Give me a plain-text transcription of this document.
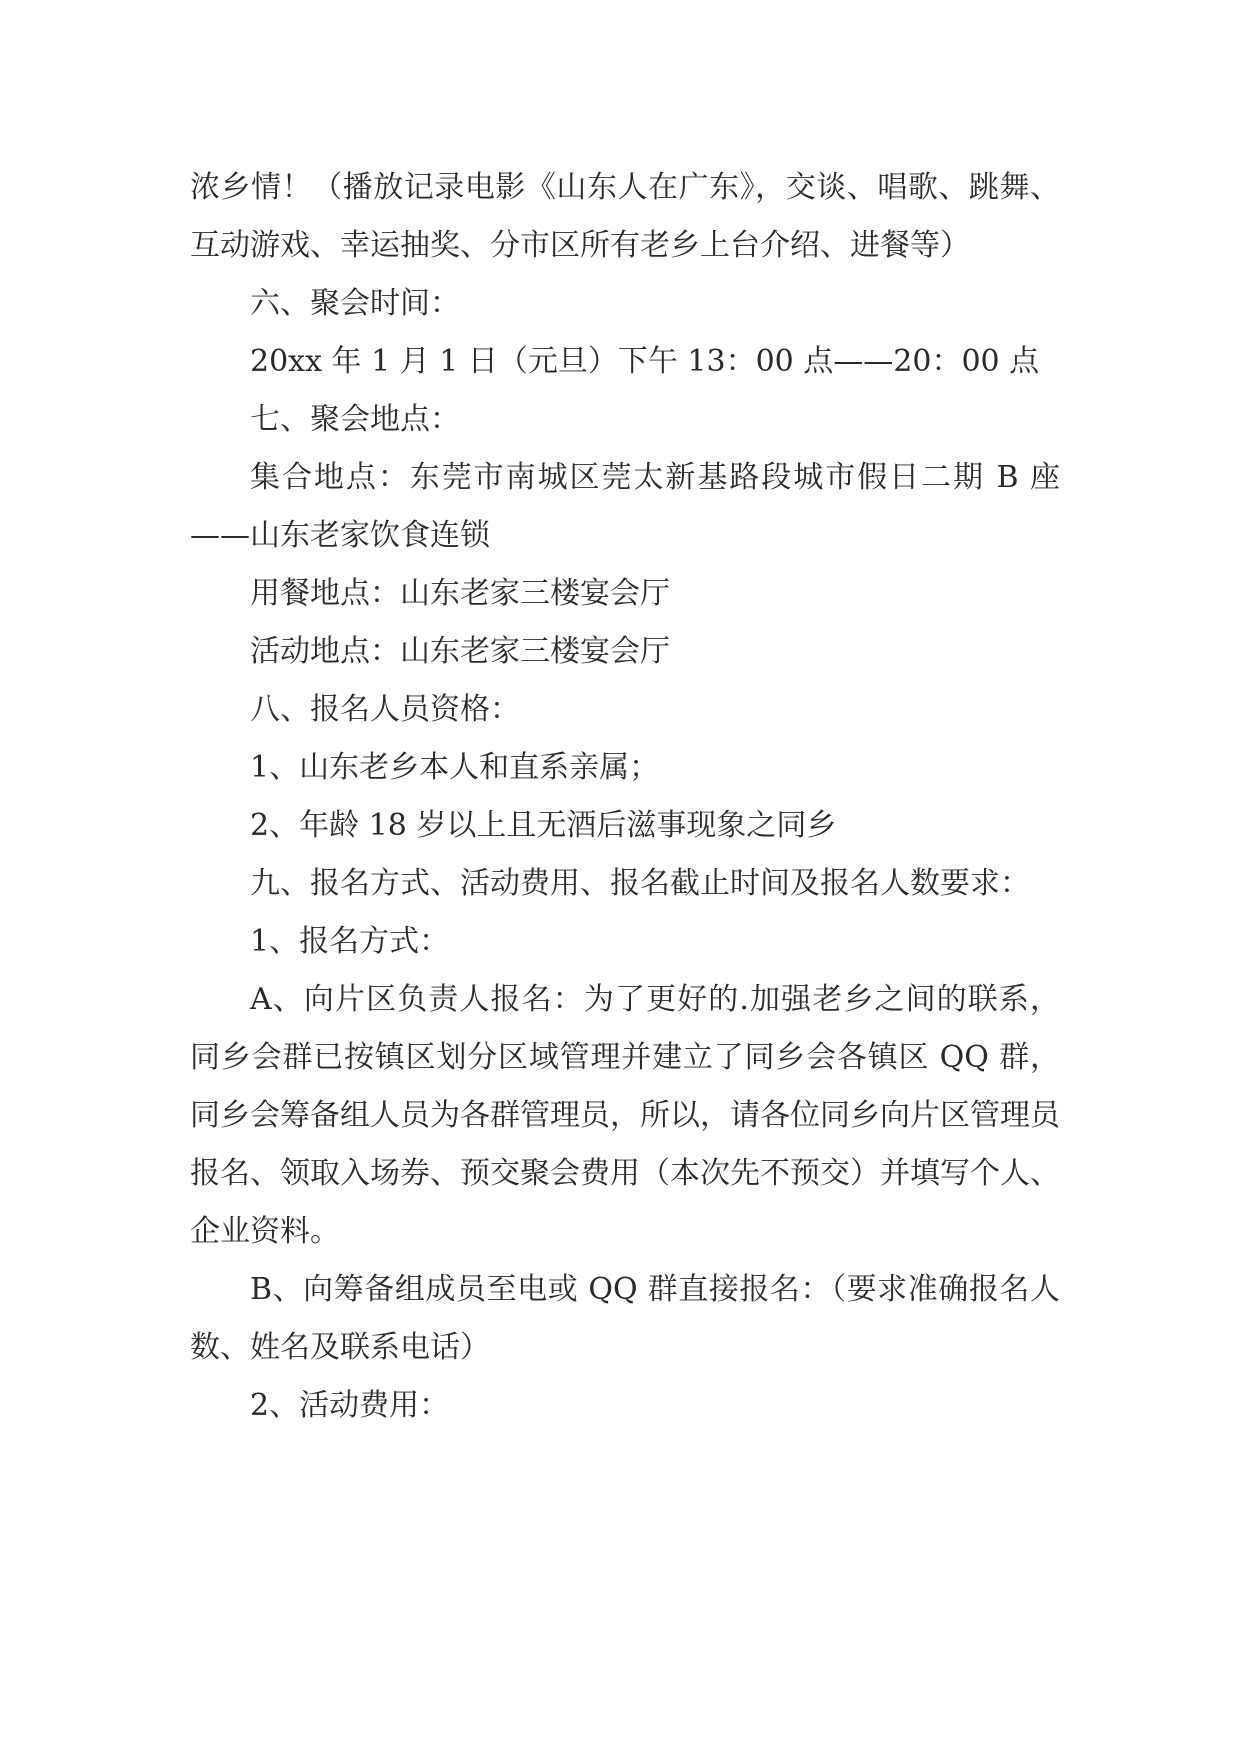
浓乡情！（播放记录电影《山东人在广东》，交谈、唱歌、跳舞、互动游戏、幸运抽奖、分市区所有老乡上台介绍、进餐等）

六、聚会时间：

20xx 年 1 月 1 日（元旦）下午 13：00 点——20：00 点

七、聚会地点：

集合地点：东莞市南城区莞太新基路段城市假日二期 B 座——山东老家饮食连锁

用餐地点：山东老家三楼宴会厅

活动地点：山东老家三楼宴会厅

八、报名人员资格：

1、山东老乡本人和直系亲属；

2、年龄 18 岁以上且无酒后滋事现象之同乡

九、报名方式、活动费用、报名截止时间及报名人数要求：

1、报名方式：

A、向片区负责人报名：为了更好的.加强老乡之间的联系，同乡会群已按镇区划分区域管理并建立了同乡会各镇区 QQ 群，同乡会筹备组人员为各群管理员，所以，请各位同乡向片区管理员报名、领取入场券、预交聚会费用（本次先不预交）并填写个人、企业资料。

B、向筹备组成员至电或 QQ 群直接报名：（要求准确报名人数、姓名及联系电话）

2、活动费用：
